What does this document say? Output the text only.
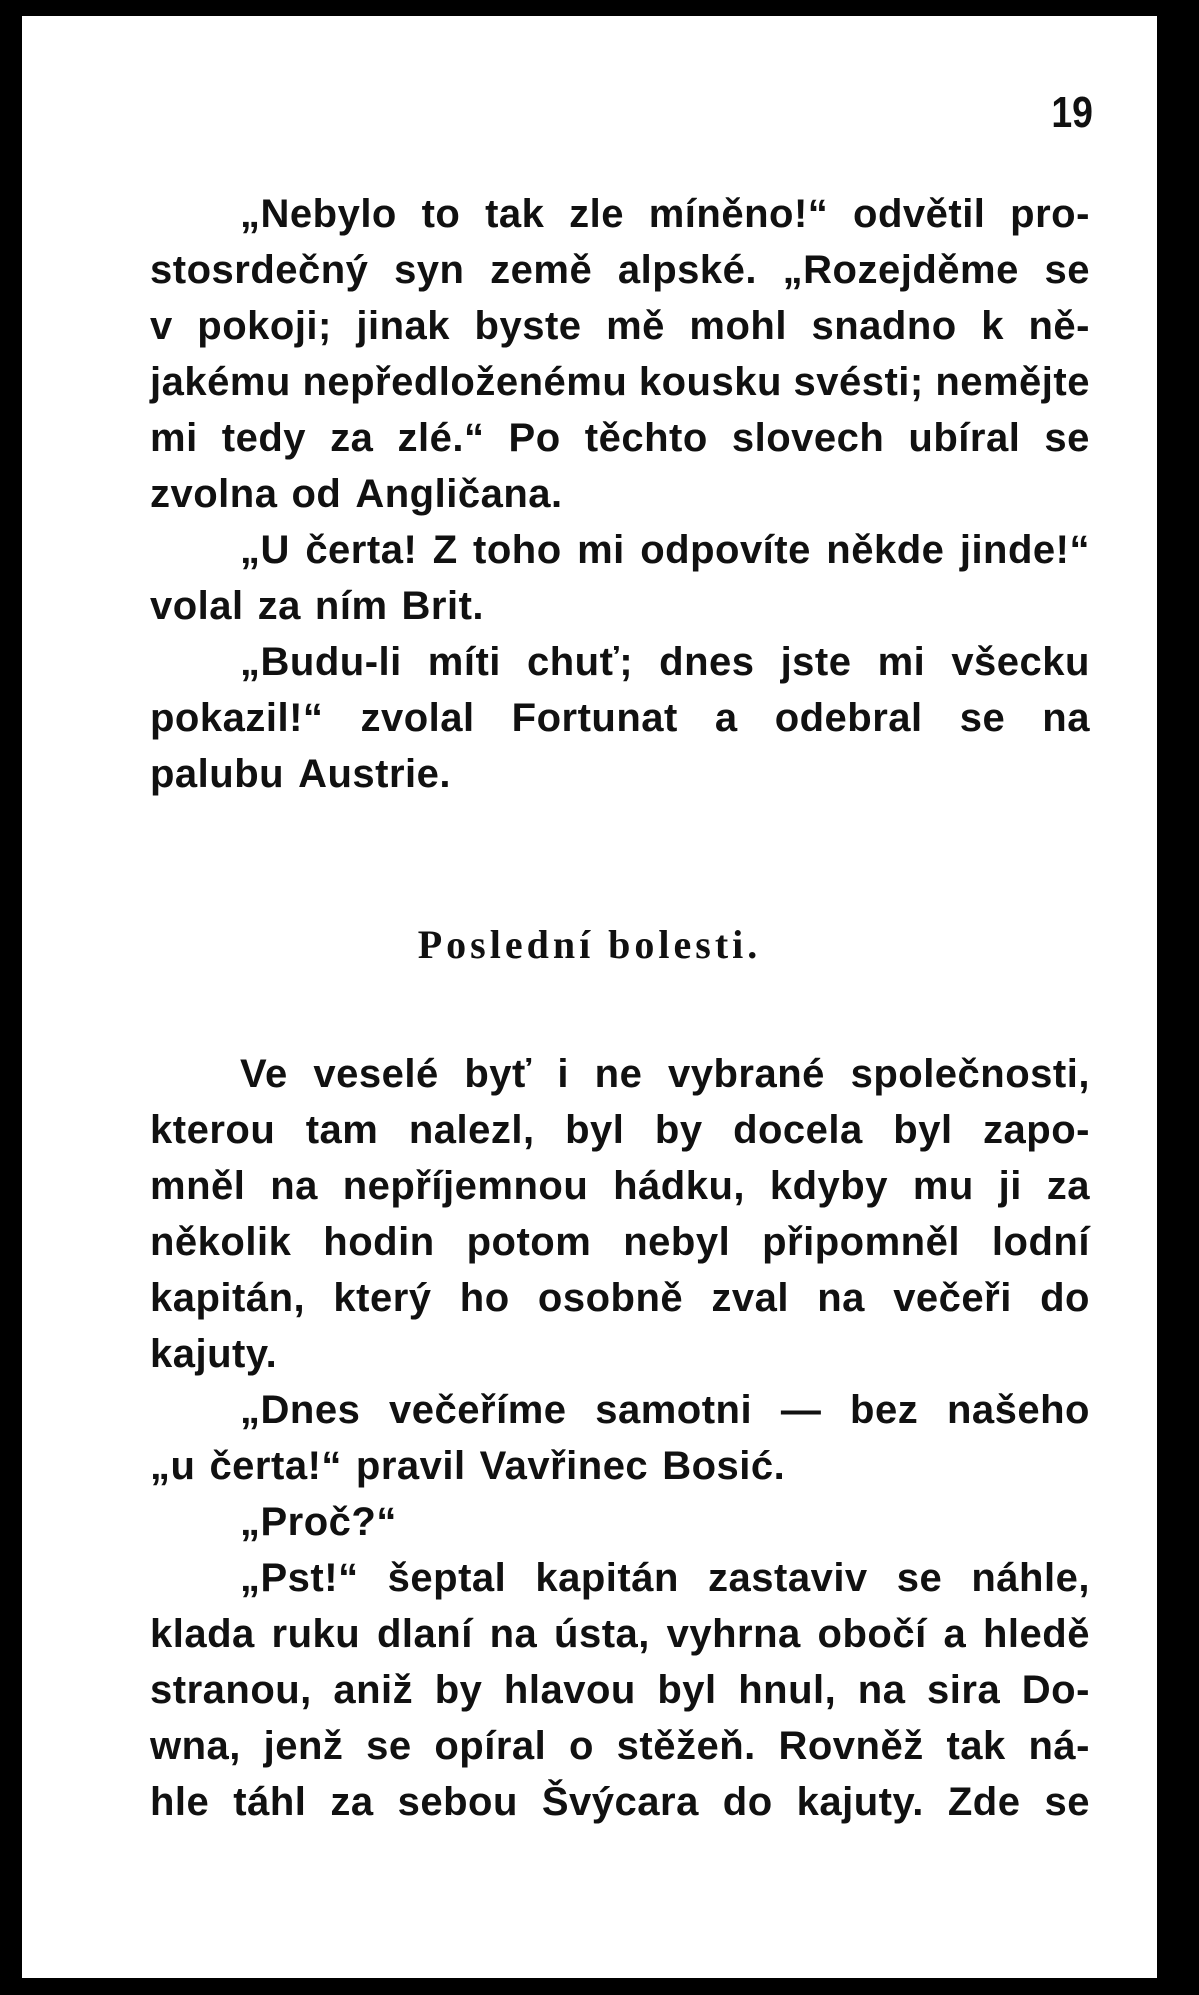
19
„Nebylo to tak zle míněno!“ odvětil pro-
stosrdečný syn země alpské. „Rozejděme se
v pokoji; jinak byste mě mohl snadno k ně-
jakému nepředloženému kousku svésti; nemějte
mi tedy za zlé.“ Po těchto slovech ubíral se
zvolna od Angličana.
„U čerta! Z toho mi odpovíte někde jinde!“
volal za ním Brit.
„Budu-li míti chuť; dnes jste mi všecku
pokazil!“ zvolal Fortunat a odebral se na
palubu Austrie.
Poslední bolesti.
Ve veselé byť i ne vybrané společnosti,
kterou tam nalezl, byl by docela byl zapo-
mněl na nepříjemnou hádku, kdyby mu ji za
několik hodin potom nebyl připomněl lodní
kapitán, který ho osobně zval na večeři do
kajuty.
„Dnes večeříme samotni — bez našeho
„u čerta!“ pravil Vavřinec Bosić.
„Proč?“
„Pst!“ šeptal kapitán zastaviv se náhle,
klada ruku dlaní na ústa, vyhrna obočí a hledě
stranou, aniž by hlavou byl hnul, na sira Do-
wna, jenž se opíral o stěžeň. Rovněž tak ná-
hle táhl za sebou Švýcara do kajuty. Zde se
